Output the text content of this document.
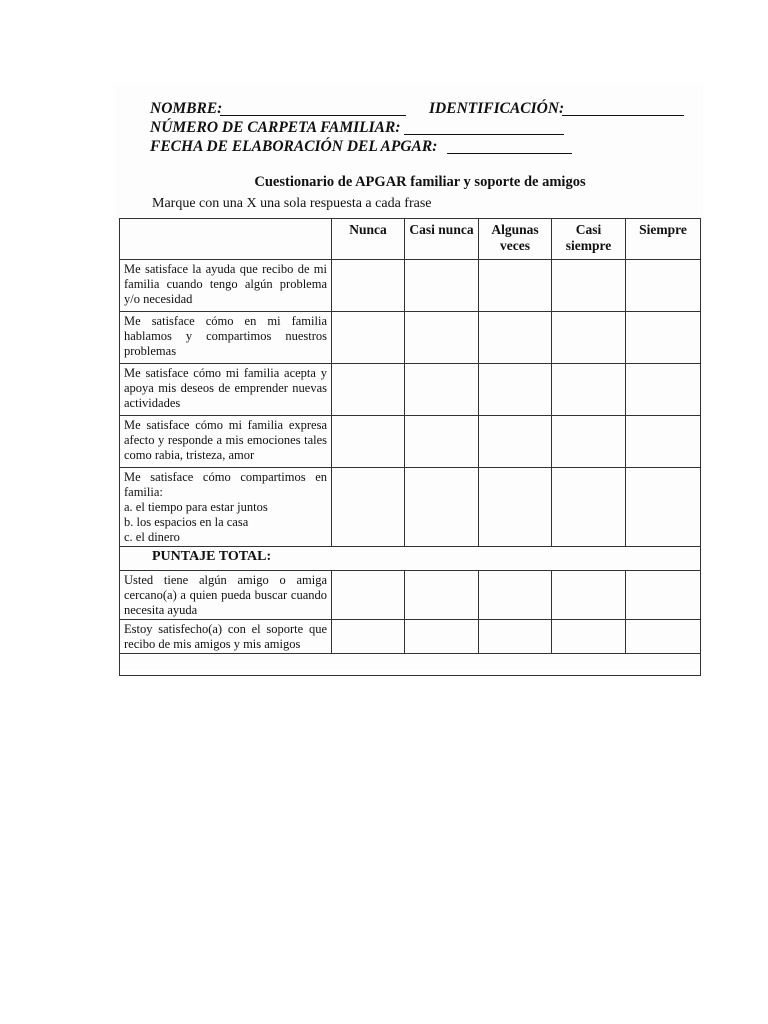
NOMBRE:	IDENTIFICACIÓN:
NÚMERO DE CARPETA FAMILIAR:
FECHA DE ELABORACIÓN DEL APGAR:
Cuestionario de APGAR familiar y soporte de amigos
Marque con una X una sola respuesta a cada frase
	Nunca	Casi nunca	Algunas veces	Casi siempre	Siempre
Me satisface la ayuda que recibo de mi familia cuando tengo algún problema y/o necesidad					
Me satisface cómo en mi familia hablamos y compartimos nuestros problemas					
Me satisface cómo mi familia acepta y apoya mis deseos de emprender nuevas actividades					
Me satisface cómo mi familia expresa afecto y responde a mis emociones tales como rabia, tristeza, amor					
Me satisface cómo compartimos en familia:
a. el tiempo para estar juntos
b. los espacios en la casa
c. el dinero					

PUNTAJE TOTAL:					
Usted tiene algún amigo o amiga cercano(a) a quien pueda buscar cuando necesita ayuda					
Estoy satisfecho(a) con el soporte que recibo de mis amigos y mis amigos					
